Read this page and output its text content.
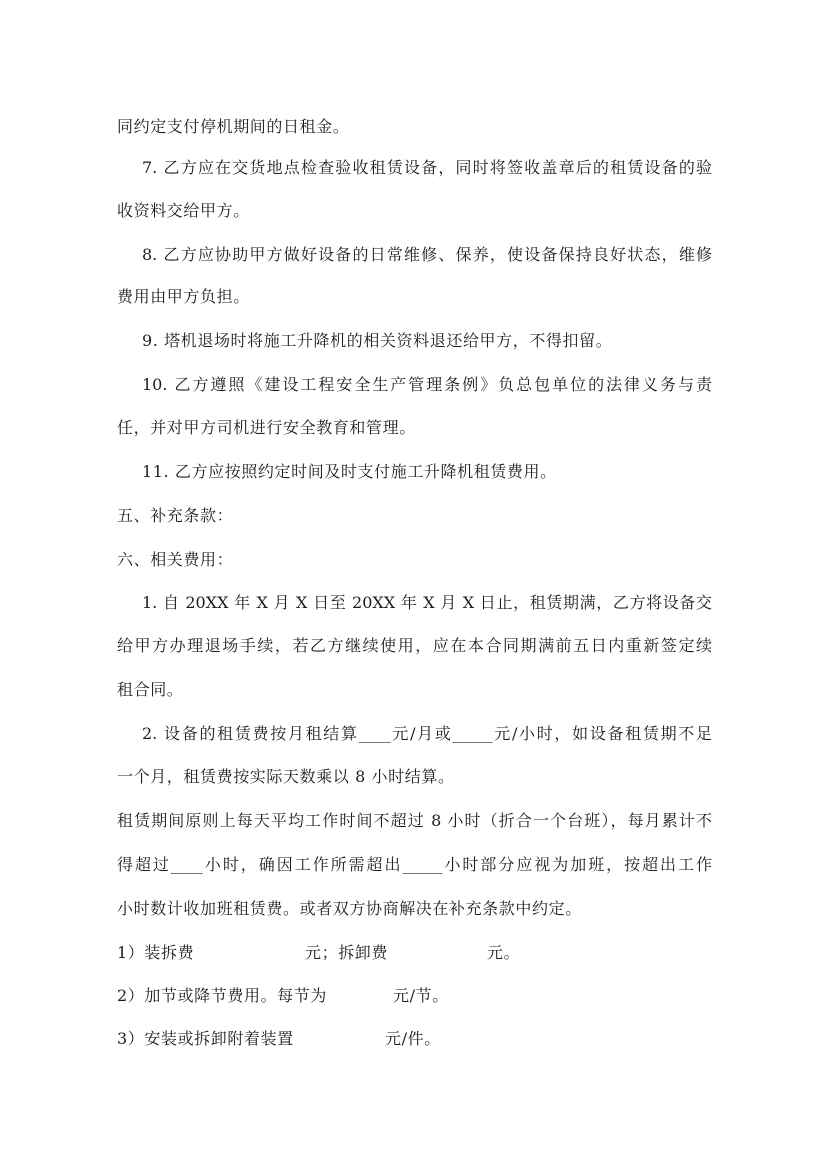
同约定支付停机期间的日租金。
7. 乙方应在交货地点检查验收租赁设备，同时将签收盖章后的租赁设备的验
收资料交给甲方。
8. 乙方应协助甲方做好设备的日常维修、保养，使设备保持良好状态，维修
费用由甲方负担。
9. 塔机退场时将施工升降机的相关资料退还给甲方，不得扣留。
10. 乙方遵照《建设工程安全生产管理条例》负总包单位的法律义务与责
任，并对甲方司机进行安全教育和管理。
11. 乙方应按照约定时间及时支付施工升降机租赁费用。
五、补充条款：
六、相关费用：
1. 自 20XX 年 X 月 X 日至 20XX 年 X 月 X 日止，租赁期满，乙方将设备交
给甲方办理退场手续，若乙方继续使用，应在本合同期满前五日内重新签定续
租合同。
2. 设备的租赁费按月租结算____元/月或_____元/小时，如设备租赁期不足
一个月，租赁费按实际天数乘以 8 小时结算。
租赁期间原则上每天平均工作时间不超过 8 小时（折合一个台班），每月累计不
得超过____小时，确因工作所需超出_____小时部分应视为加班，按超出工作
小时数计收加班租赁费。或者双方协商解决在补充条款中约定。
1）装拆费	元；拆卸费	元。
2）加节或降节费用。每节为	元/节。
3）安装或拆卸附着装置	元/件。
